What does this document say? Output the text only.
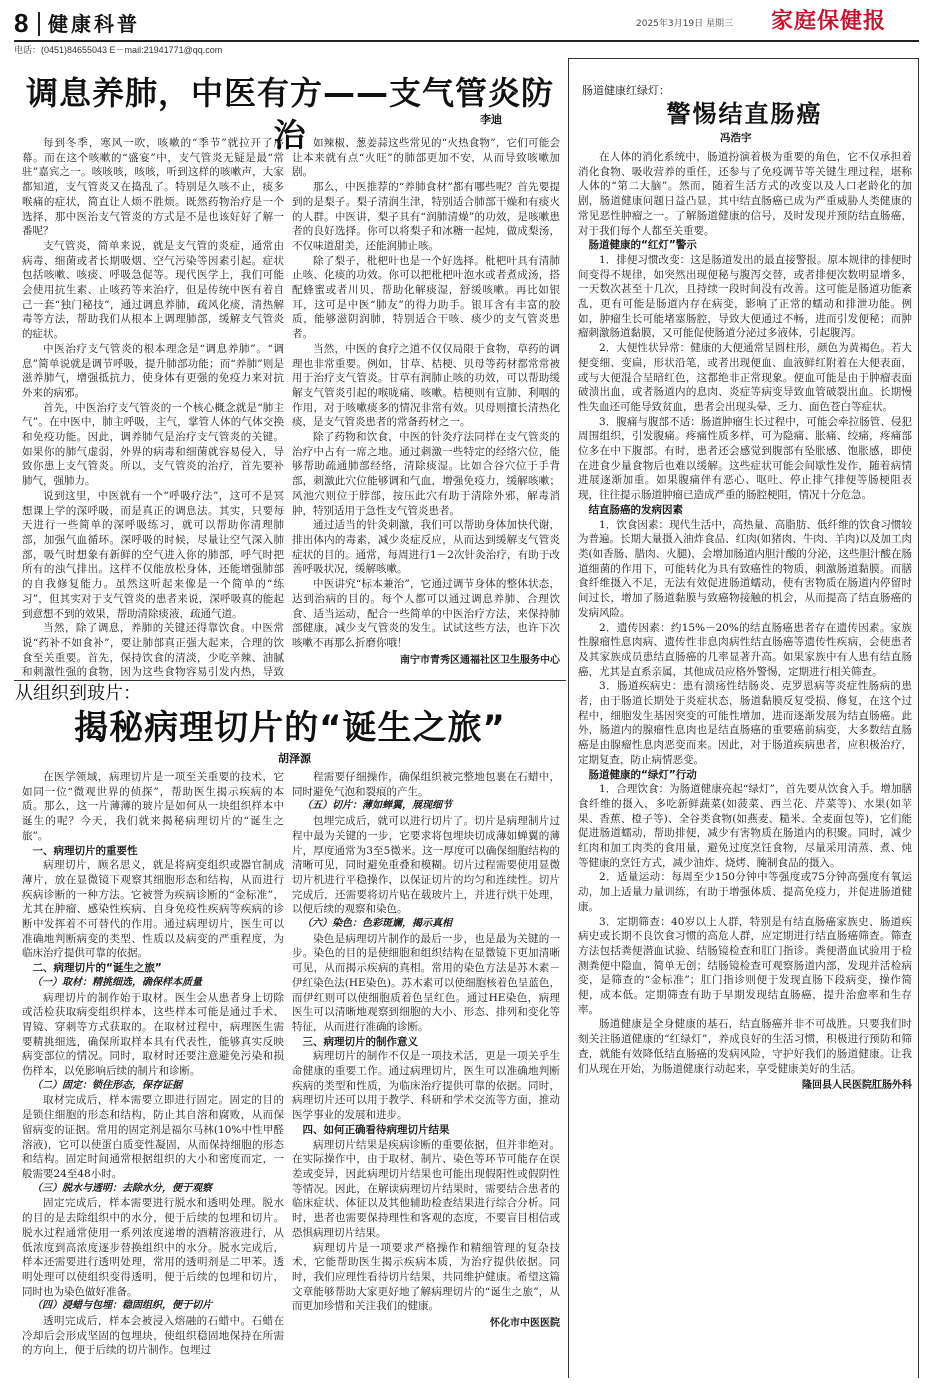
8 健康科普	2025年3月19日 星期三 家庭保健报
电话：(0451)84655043 E－mail:21941771@qq.com
调息养肺，中医有方——支气管炎防治	李迪

每到冬季，寒风一吹，咳嗽的“季节”就拉开了序幕。而在这个咳嗽的“盛宴”中，支气管炎无疑是最“常驻”嘉宾之一。咳咳咳，咳咳，听到这样的咳嗽声，大家都知道，支气管炎又在捣乱了。特别是久咳不止，痰多喉痛的症状，简直让人烦不胜烦。既然药物治疗是一个选择，那中医治支气管炎的方式是不是也该好好了解一番呢？

支气管炎，简单来说，就是支气管的炎症，通常由病毒、细菌或者长期吸烟、空气污染等因素引起。症状包括咳嗽、咳痰、呼吸急促等。现代医学上，我们可能会使用抗生素、止咳药等来治疗，但是传统中医有着自己一套“独门秘技”，通过调息养肺，疏风化痰，清热解毒等方法，帮助我们从根本上调理肺部，缓解支气管炎的症状。

中医治疗支气管炎的根本理念是“调息养肺”。“调息”简单说就是调节呼吸，提升肺部功能；而“养肺”则是滋养肺气，增强抵抗力，使身体有更强的免疫力来对抗外来的病邪。

首先，中医治疗支气管炎的一个核心概念就是“肺主气”。在中医中，肺主呼吸，主气，掌管人体的气体交换和免疫功能。因此，调养肺气是治疗支气管炎的关键。如果你的肺气虚弱，外界的病毒和细菌就容易侵入，导致你患上支气管炎。所以，支气管炎的治疗，首先要补肺气，强肺力。

说到这里，中医就有一个“呼吸疗法”，这可不是冥想课上学的深呼吸，而是真正的调息法。其实，只要每天进行一些简单的深呼吸练习，就可以帮助你清理肺部，加强气血循环。深呼吸的时候，尽量让空气深入肺部，吸气时想象有新鲜的空气进入你的肺部，呼气时把所有的浊气排出。这样不仅能放松身体，还能增强肺部的自我修复能力。虽然这听起来像是一个简单的“练习”，但其实对于支气管炎的患者来说，深呼吸真的能起到意想不到的效果，帮助清除痰液，疏通气道。

当然，除了调息，养肺的关键还得靠饮食。中医常说“药补不如食补”，要让肺部真正强大起来，合理的饮食至关重要。首先，保持饮食的清淡，少吃辛辣、油腻和刺激性强的食物，因为这些食物容易引发内热，导致

如辣椒、葱姜蒜这些常见的“火热食物”，它们可能会让本来就有点“火旺”的肺部更加不安，从而导致咳嗽加剧。

那么，中医推荐的“养肺食材”都有哪些呢？首先要提到的是梨子。梨子清润生津，特别适合肺部干燥和有痰火的人群。中医讲，梨子具有“润肺清燥”的功效，是咳嗽患者的良好选择。你可以将梨子和冰糖一起炖，做成梨汤，不仅味道甜美，还能润肺止咳。

除了梨子，枇杷叶也是一个好选择。枇杷叶具有清肺止咳、化痰的功效。你可以把枇杷叶泡水或者煮成汤，搭配蜂蜜或者川贝，帮助化解痰湿，舒缓咳嗽。再比如银耳，这可是中医“肺友”的得力助手。银耳含有丰富的胶质，能够滋阴润肺，特别适合干咳、痰少的支气管炎患者。

当然，中医的食疗之道不仅仅局限于食物，草药的调理也非常重要。例如，甘草、桔梗、贝母等药材都常常被用于治疗支气管炎。甘草有润肺止咳的功效，可以帮助缓解支气管炎引起的喉咙痛、咳嗽。桔梗则有宣肺、利咽的作用，对于咳嗽痰多的情况非常有效。贝母则擅长清热化痰，是支气管炎患者的常备药材之一。

除了药物和饮食，中医的针灸疗法同样在支气管炎的治疗中占有一席之地。通过刺激一些特定的经络穴位，能够帮助疏通肺部经络，清除痰湿。比如合谷穴位于手背部，刺激此穴位能够调和气血，增强免疫力，缓解咳嗽；风池穴则位于脖部，按压此穴有助于清除外邪，解毒消肿，特别适用于急性支气管炎患者。

通过适当的针灸刺激，我们可以帮助身体加快代谢，排出体内的毒素，减少炎症反应，从而达到缓解支气管炎症状的目的。通常，每周进行1－2次针灸治疗，有助于改善呼吸状况，缓解咳嗽。

中医讲究“标本兼治”，它通过调节身体的整体状态，达到治病的目的。每个人都可以通过调息养肺、合理饮食、适当运动，配合一些简单的中医治疗方法，来保持肺部健康，减少支气管炎的发生。试试这些方法，也许下次咳嗽不再那么折磨你哦！

南宁市青秀区通福社区卫生服务中心
从组织到玻片：
揭秘病理切片的“诞生之旅”
胡泽源

在医学领域，病理切片是一项至关重要的技术，它如同一位“微观世界的侦探”，帮助医生揭示疾病的本质。那么，这一片薄薄的玻片是如何从一块组织样本中诞生的呢？今天，我们就来揭秘病理切片的“诞生之旅”。

一、病理切片的重要性

病理切片，顾名思义，就是将病变组织或器官制成薄片，放在显微镜下观察其细胞形态和结构，从而进行疾病诊断的一种方法。它被誉为疾病诊断的“金标准”，尤其在肿瘤、感染性疾病、自身免疫性疾病等疾病的诊断中发挥着不可替代的作用。通过病理切片，医生可以准确地判断病变的类型、性质以及病变的严重程度，为临床治疗提供可靠的依据。

二、病理切片的“诞生之旅”
（一）取材：精挑细选，确保样本质量

病理切片的制作始于取材。医生会从患者身上切除或活检获取病变组织样本，这些样本可能是通过手术、胃镜、穿刺等方式获取的。在取材过程中，病理医生需要精挑细选，确保所取样本具有代表性，能够真实反映病变部位的情况。同时，取材时还要注意避免污染和损伤样本，以免影响后续的制片和诊断。

（二）固定：锁住形态，保存证据

取材完成后，样本需要立即进行固定。固定的目的是锁住细胞的形态和结构，防止其自溶和腐败，从而保留病变的证据。常用的固定剂是福尔马林(10%中性甲醛溶液)，它可以使蛋白质变性凝固，从而保持细胞的形态和结构。固定时间通常根据组织的大小和密度而定，一般需要24至48小时。

（三）脱水与透明：去除水分，便于观察

固定完成后，样本需要进行脱水和透明处理。脱水的目的是去除组织中的水分，便于后续的包埋和切片。脱水过程通常使用一系列浓度递增的酒精溶液进行，从低浓度到高浓度逐步替换组织中的水分。脱水完成后，样本还需要进行透明处理，常用的透明剂是二甲苯。透明处理可以使组织变得透明，便于后续的包埋和切片，同时也为染色做好准备。

（四）浸蜡与包埋：稳固组织，便于切片

透明完成后，样本会被浸入熔融的石蜡中。石蜡在冷却后会形成坚固的包埋块，使组织稳固地保持在所需的方向上，便于后续的切片制作。包埋过

程需要仔细操作，确保组织被完整地包裹在石蜡中，同时避免气泡和裂痕的产生。

（五）切片：薄如蝉翼，展现细节

包埋完成后，就可以进行切片了。切片是病理制片过程中最为关键的一步，它要求将包埋块切成薄如蝉翼的薄片，厚度通常为3至5微米。这一厚度可以确保细胞结构的清晰可见，同时避免重叠和模糊。切片过程需要使用显微切片机进行平稳操作，以保证切片的均匀和连续性。切片完成后，还需要将切片贴在载玻片上，并进行烘干处理，以便后续的观察和染色。

（六）染色：色彩斑斓，揭示真相

染色是病理切片制作的最后一步，也是最为关键的一步。染色的目的是使细胞和组织结构在显微镜下更加清晰可见，从而揭示疾病的真相。常用的染色方法是苏木素－伊红染色法(HE染色)。苏木素可以使细胞核着色呈蓝色，而伊红则可以使细胞质着色呈红色。通过HE染色，病理医生可以清晰地观察到细胞的大小、形态、排列和变化等特征，从而进行准确的诊断。

三、病理切片的制作意义

病理切片的制作不仅是一项技术活，更是一项关乎生命健康的重要工作。通过病理切片，医生可以准确地判断疾病的类型和性质，为临床治疗提供可靠的依据。同时，病理切片还可以用于教学、科研和学术交流等方面，推动医学事业的发展和进步。

四、如何正确看待病理切片结果

病理切片结果是疾病诊断的重要依据，但并非绝对。在实际操作中，由于取材、制片、染色等环节可能存在误差或变异，因此病理切片结果也可能出现假阳性或假阴性等情况。因此，在解读病理切片结果时，需要结合患者的临床症状、体征以及其他辅助检查结果进行综合分析。同时，患者也需要保持理性和客观的态度，不要盲目相信或恐惧病理切片结果。

病理切片是一项要求严格操作和精细管理的复杂技术，它能帮助医生揭示疾病本质，为治疗提供依据。同时，我们应理性看待切片结果，共同维护健康。希望这篇文章能够帮助大家更好地了解病理切片的“诞生之旅”，从而更加珍惜和关注我们的健康。

怀化市中医医院
肠道健康红绿灯：
警惕结直肠癌
冯浩宇

在人体的消化系统中，肠道扮演着极为重要的角色，它不仅承担着消化食物、吸收营养的重任，还参与了免疫调节等关键生理过程，堪称人体的“第二大脑”。然而，随着生活方式的改变以及人口老龄化的加剧，肠道健康问题日益凸显，其中结直肠癌已成为严重威胁人类健康的常见恶性肿瘤之一。了解肠道健康的信号，及时发现并预防结直肠癌，对于我们每个人都至关重要。

肠道健康的“红灯”警示

1．排便习惯改变：这是肠道发出的最直接警报。原本规律的排便时间变得不规律，如突然出现便秘与腹泻交替，或者排便次数明显增多，一天数次甚至十几次，且持续一段时间没有改善。这可能是肠道功能紊乱，更有可能是肠道内存在病变，影响了正常的蠕动和排泄功能。例如，肿瘤生长可能堵塞肠腔，导致大便通过不畅，进而引发便秘；而肿瘤刺激肠道黏膜，又可能促使肠道分泌过多液体，引起腹泻。

2．大便性状异常：健康的大便通常呈圆柱形，颜色为黄褐色。若大便变细、变扁，形状沿笔，或者出现便血、血液鲜红附着在大便表面，或与大便混合呈暗红色，这都绝非正常现象。便血可能是由于肿瘤表面破溃出血，或者肠道内的息肉、炎症等病变导致血管破裂出血。长期慢性失血还可能导致贫血，患者会出现头晕、乏力、面色苍白等症状。

3．腹痛与腹部不适：肠道肿瘤生长过程中，可能会牵拉肠管、侵犯周围组织，引发腹痛。疼痛性质多样，可为隐痛、胀痛、绞痛，疼痛部位多在中下腹部。有时，患者还会感觉到腹部有坠胀感、饱胀感，即使在进食少量食物后也难以缓解。这些症状可能会间歇性发作，随着病情进展逐渐加重。如果腹痛伴有恶心、呕吐、停止排气排便等肠梗阻表现，往往提示肠道肿瘤已造成严重的肠腔梗阻，情况十分危急。

结直肠癌的发病因素

1．饮食因素：现代生活中，高热量、高脂肪、低纤维的饮食习惯较为普遍。长期大量摄入油炸食品、红肉(如猪肉、牛肉、羊肉)以及加工肉类(如香肠、腊肉、火腿)，会增加肠道内胆汁酸的分泌，这些胆汁酸在肠道细菌的作用下，可能转化为具有致癌性的物质，刺激肠道黏膜。而膳食纤维摄入不足，无法有效促进肠道蠕动，使有害物质在肠道内停留时间过长，增加了肠道黏膜与致癌物接触的机会，从而提高了结直肠癌的发病风险。

2．遗传因素：约15%－20%的结直肠癌患者存在遗传因素。家族性腺瘤性息肉病、遗传性非息肉病性结直肠癌等遗传性疾病，会使患者及其家族成员患结直肠癌的几率显著升高。如果家族中有人患有结直肠癌，尤其是直系亲属，其他成员应格外警惕，定期进行相关筛查。

3．肠道疾病史：患有溃疡性结肠炎、克罗恩病等炎症性肠病的患者，由于肠道长期处于炎症状态，肠道黏膜反复受损、修复，在这个过程中，细胞发生基因突变的可能性增加，进而逐渐发展为结直肠癌。此外，肠道内的腺瘤性息肉也是结直肠癌的重要癌前病变，大多数结直肠癌是由腺瘤性息肉恶变而来。因此，对于肠道疾病患者，应积极治疗，定期复查，防止病情恶变。

肠道健康的“绿灯”行动

1．合理饮食：为肠道健康亮起“绿灯”，首先要从饮食入手。增加膳食纤维的摄入，多吃新鲜蔬菜(如菠菜、西兰花、芹菜等)、水果(如苹果、香蕉、橙子等)、全谷类食物(如燕麦、糙米、全麦面包等)，它们能促进肠道蠕动，帮助排便，减少有害物质在肠道内的积聚。同时，减少红肉和加工肉类的食用量，避免过度烹饪食物，尽量采用清蒸、煮、炖等健康的烹饪方式，减少油炸、烧烤、腌制食品的摄入。

2．适量运动：每周至少150分钟中等强度或75分钟高强度有氧运动，加上适量力量训练，有助于增强体质、提高免疫力，并促进肠道健康。

3．定期筛查：40岁以上人群，特别是有结直肠癌家族史、肠道疾病史或长期不良饮食习惯的高危人群，应定期进行结直肠癌筛查。筛查方法包括粪便潜血试验、结肠镜检查和肛门指诊。粪便潜血试验用于检测粪便中隐血，简单无创；结肠镜检查可观察肠道内部，发现并活检病变，是筛查的“金标准”；肛门指诊则便于发现直肠下段病变，操作简便，成本低。定期筛查有助于早期发现结直肠癌，提升治愈率和生存率。

肠道健康是全身健康的基石，结直肠癌并非不可战胜。只要我们时刻关注肠道健康的“红绿灯”，养成良好的生活习惯，积极进行预防和筛查，就能有效降低结直肠癌的发病风险，守护好我们的肠道健康。让我们从现在开始，为肠道健康行动起来，享受健康美好的生活。

隆回县人民医院肛肠外科
